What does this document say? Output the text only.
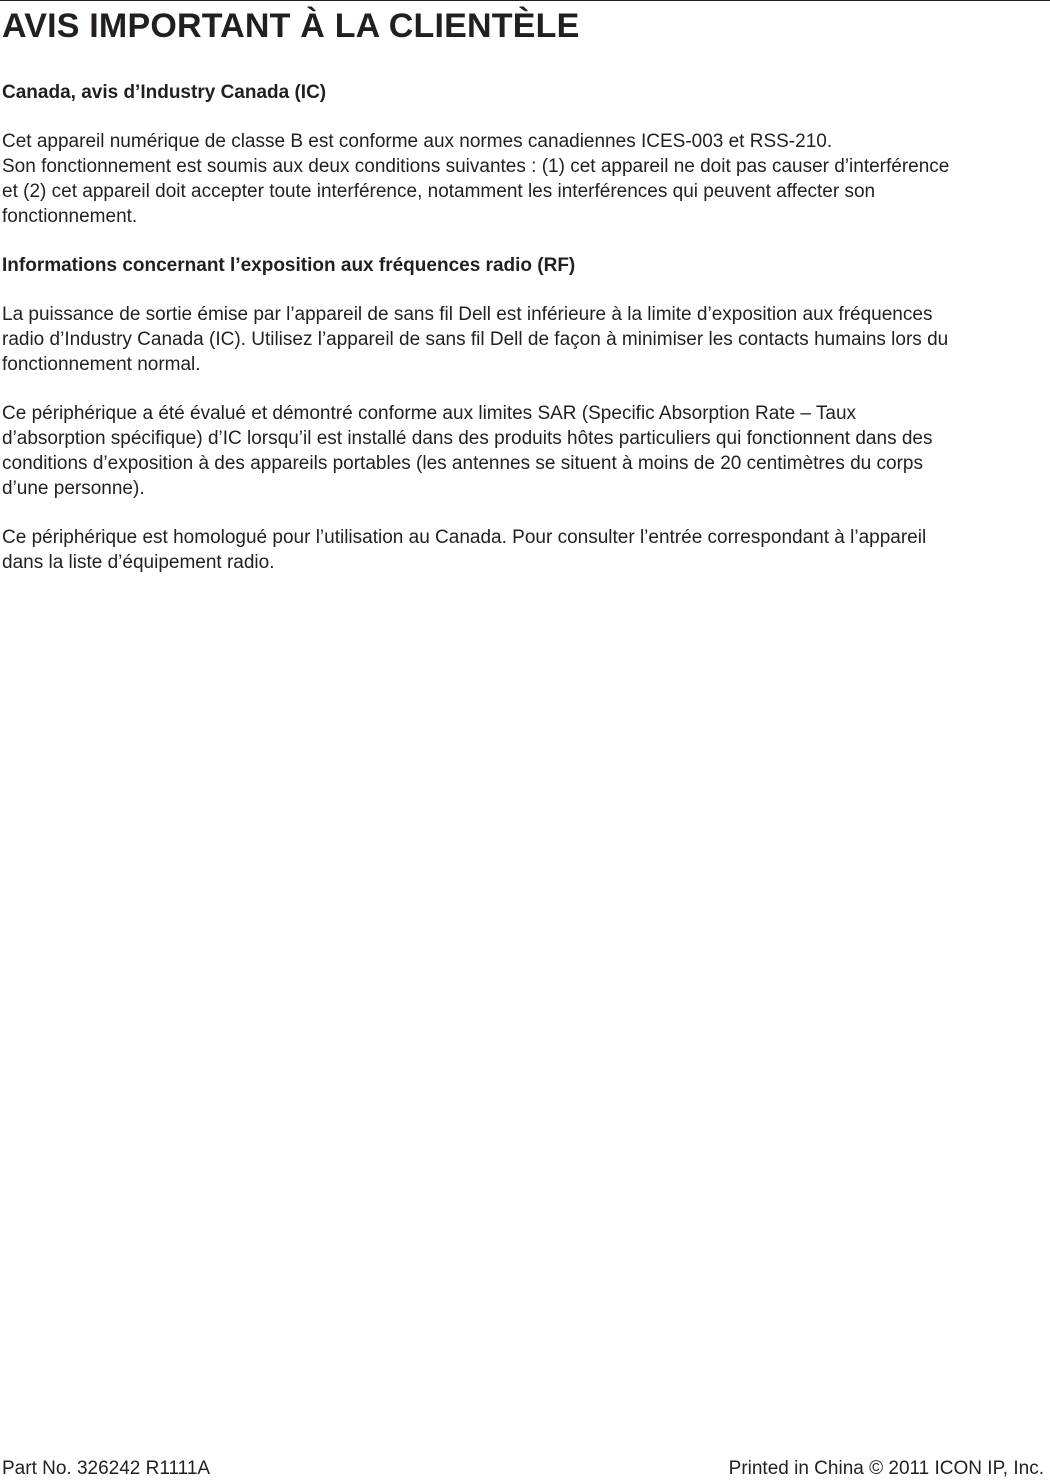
AVIS IMPORTANT À LA CLIENTÈLE
Canada, avis d’Industry Canada (IC)

Cet appareil numérique de classe B est conforme aux normes canadiennes ICES-003 et RSS-210.
Son fonctionnement est soumis aux deux conditions suivantes : (1) cet appareil ne doit pas causer d’interférence
et (2) cet appareil doit accepter toute interférence, notamment les interférences qui peuvent affecter son
fonctionnement.

Informations concernant l’exposition aux fréquences radio (RF)

La puissance de sortie émise par l’appareil de sans fil Dell est inférieure à la limite d’exposition aux fréquences
radio d’Industry Canada (IC). Utilisez l’appareil de sans fil Dell de façon à minimiser les contacts humains lors du
fonctionnement normal.

Ce périphérique a été évalué et démontré conforme aux limites SAR (Specific Absorption Rate – Taux
d’absorption spécifique) d’IC lorsqu’il est installé dans des produits hôtes particuliers qui fonctionnent dans des
conditions d’exposition à des appareils portables (les antennes se situent à moins de 20 centimètres du corps
d’une personne).

Ce périphérique est homologué pour l’utilisation au Canada. Pour consulter l’entrée correspondant à l’appareil
dans la liste d’équipement radio.

Part No. 326242 R1111A	Printed in China © 2011 ICON IP, Inc.
